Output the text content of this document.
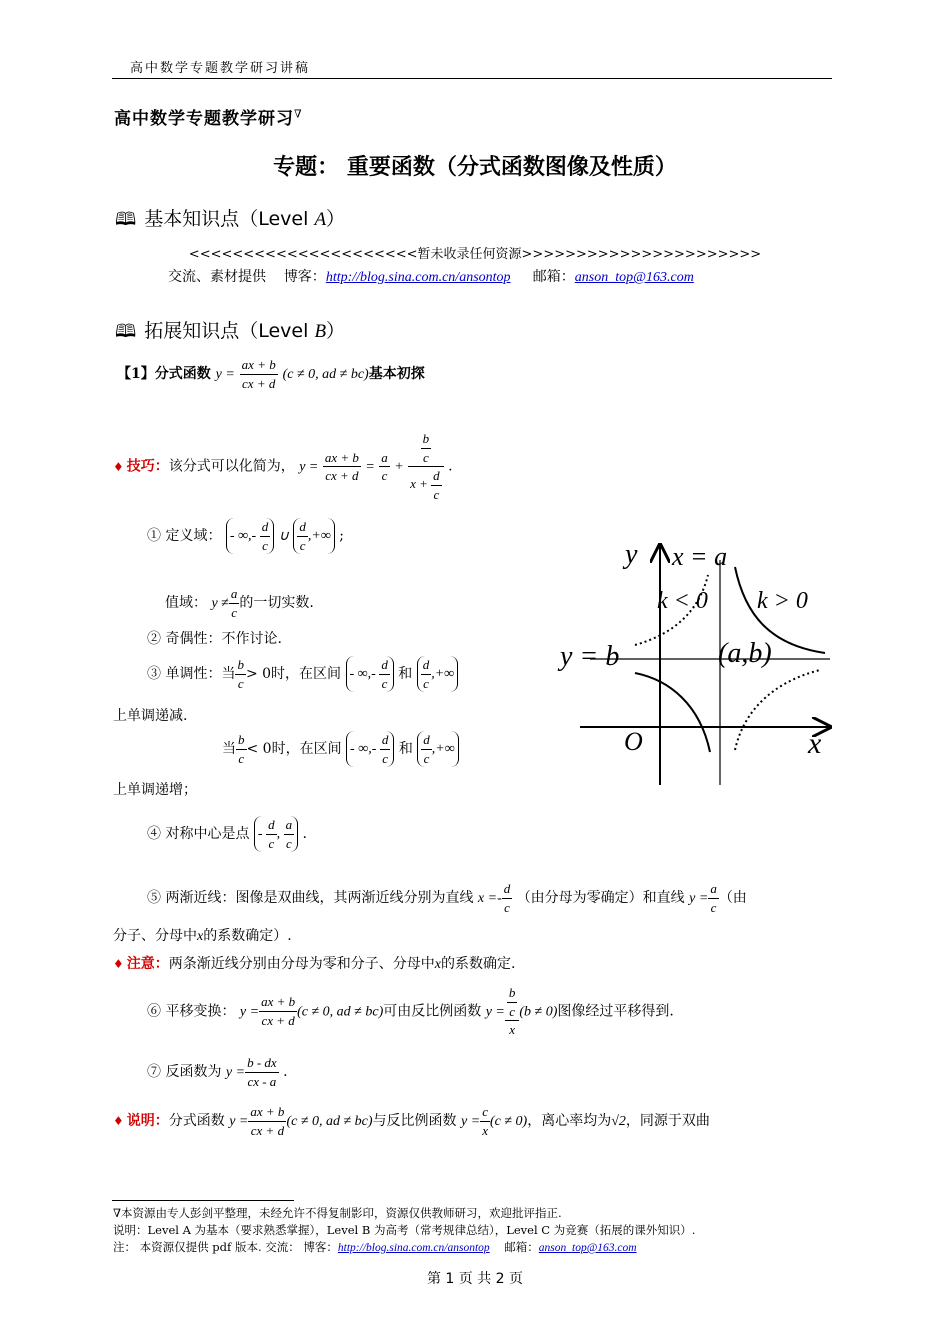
高中数学专题教学研习讲稿
高中数学专题教学研习∇
专题： 重要函数（分式函数图像及性质）
🕮 基本知识点（Level A）
<<<<<<<<<<<<<<<<<<<<<暂未收录任何资源>>>>>>>>>>>>>>>>>>>>>>
交流、素材提供 博客：http://blog.sina.com.cn/ansontop 邮箱：anson_top@163.com
🕮 拓展知识点（Level B）
【1】分式函数 $y = \frac{ax + b}{cx + d} (c \ne 0$, ad ≠ bc)基本初探
♦ 技巧：该分式可以化简为， $y = \frac{ax + b}{cx + d} = \frac{a}{c} + \frac{\frac{b}{c}}{x + \frac{d}{c}}$ .
① 定义域： - ∞,- $\frac{d}{c}$ ∪ $\frac{d}{c}$ ,+∞ ;
值域： $y \ne \frac{a}{c}$ 的一切实数.
② 奇偶性：不作讨论.
③ 单调性：当 $\frac{b}{c} > 0$时，在区间 - ∞,- $\frac{d}{c}$ 和 $\frac{d}{c}$ ,+∞
上单调递减.
当 $\frac{b}{c} < 0$时，在区间 - ∞,- $\frac{d}{c}$ 和 $\frac{d}{c}$ ,+∞
上单调递增；
④ 对称中心是点 - $\frac{d}{c}$ , $\frac{a}{c}$ .
⑤ 两渐近线：图像是双曲线，其两渐近线分别为直线 $x =- \frac{d}{c}$ （由分母为零确定）和直线 $y = \frac{a}{c}$ （由
分子、分母中x的系数确定）.
♦ 注意：两条渐近线分别由分母为零和分子、分母中x的系数确定.
⑥ 平移变换： $y = \frac{ax + b}{cx + d} (c \ne 0$, ad ≠ bc)可由反比例函数 $y = \frac{\frac{b}{c}}{x} (b \ne 0)$图像经过平移得到.
⑦ 反函数为 $y = \frac{b - dx}{cx - a}$ .
♦ 说明：分式函数 $y = \frac{ax + b}{cx + d} (c \ne 0$, ad ≠ bc)与反比例函数 $y = \frac{c}{x} (c \ne 0)$，离心率均为√2，同源于双曲
y x = a
k < 0 k > 0
y = b	(a,b)
O	x
∇本资源由专人彭剑平整理，未经允许不得复制影印，资源仅供教师研习，欢迎批评指正.
说明：Level A 为基本（要求熟悉掌握），Level B 为高考（常考规律总结），Level C 为竞赛（拓展的课外知识）.
注： 本资源仅提供 pdf 版本. 交流： 博客：http://blog.sina.com.cn/ansontop 邮箱：anson_top@163.com
第 1 页 共 2 页
